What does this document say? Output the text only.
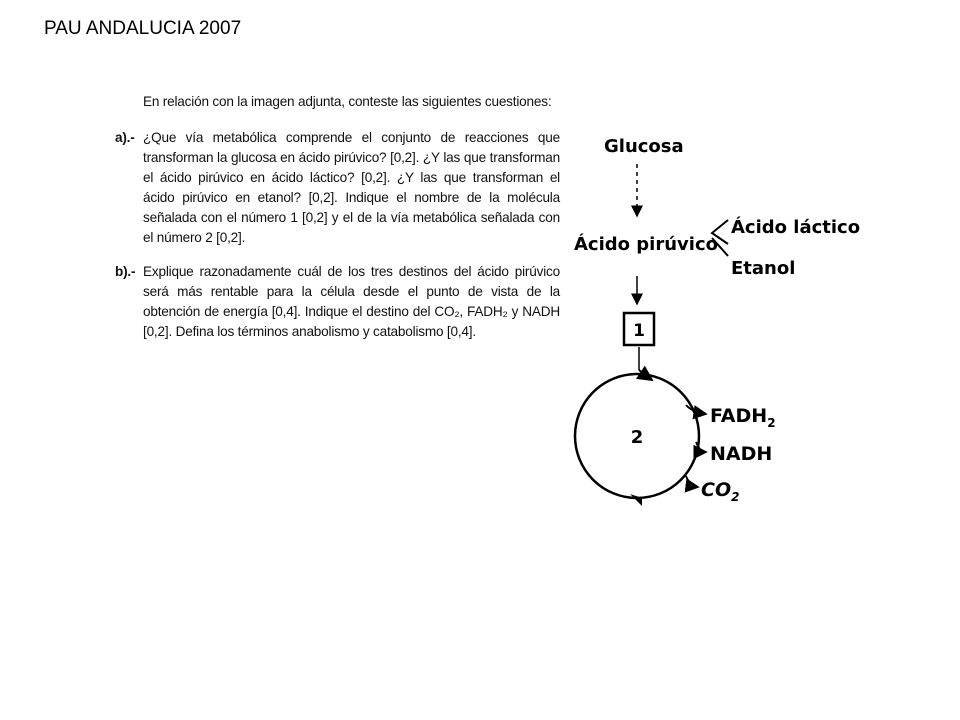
PAU ANDALUCIA 2007
En relación con la imagen adjunta, conteste las siguientes cuestiones:
a).- ¿Que vía metabólica comprende el conjunto de reacciones que transforman la glucosa en ácido pirúvico? [0,2]. ¿Y las que transforman el ácido pirúvico en ácido láctico? [0,2]. ¿Y las que transforman el ácido pirúvico en etanol? [0,2]. Indique el nombre de la molécula señalada con el número 1 [0,2] y el de la vía metabólica señalada con el número 2 [0,2].
b).- Explique razonadamente cuál de los tres destinos del ácido pirúvico será más rentable para la célula desde el punto de vista de la obtención de energía [0,4]. Indique el destino del CO₂, FADH₂ y NADH [0,2]. Defina los términos anabolismo y catabolismo [0,4].
Glucosa
Ácido pirúvico
Ácido láctico
Etanol
1
2
$FADH_2$
NADH
$CO_2$
